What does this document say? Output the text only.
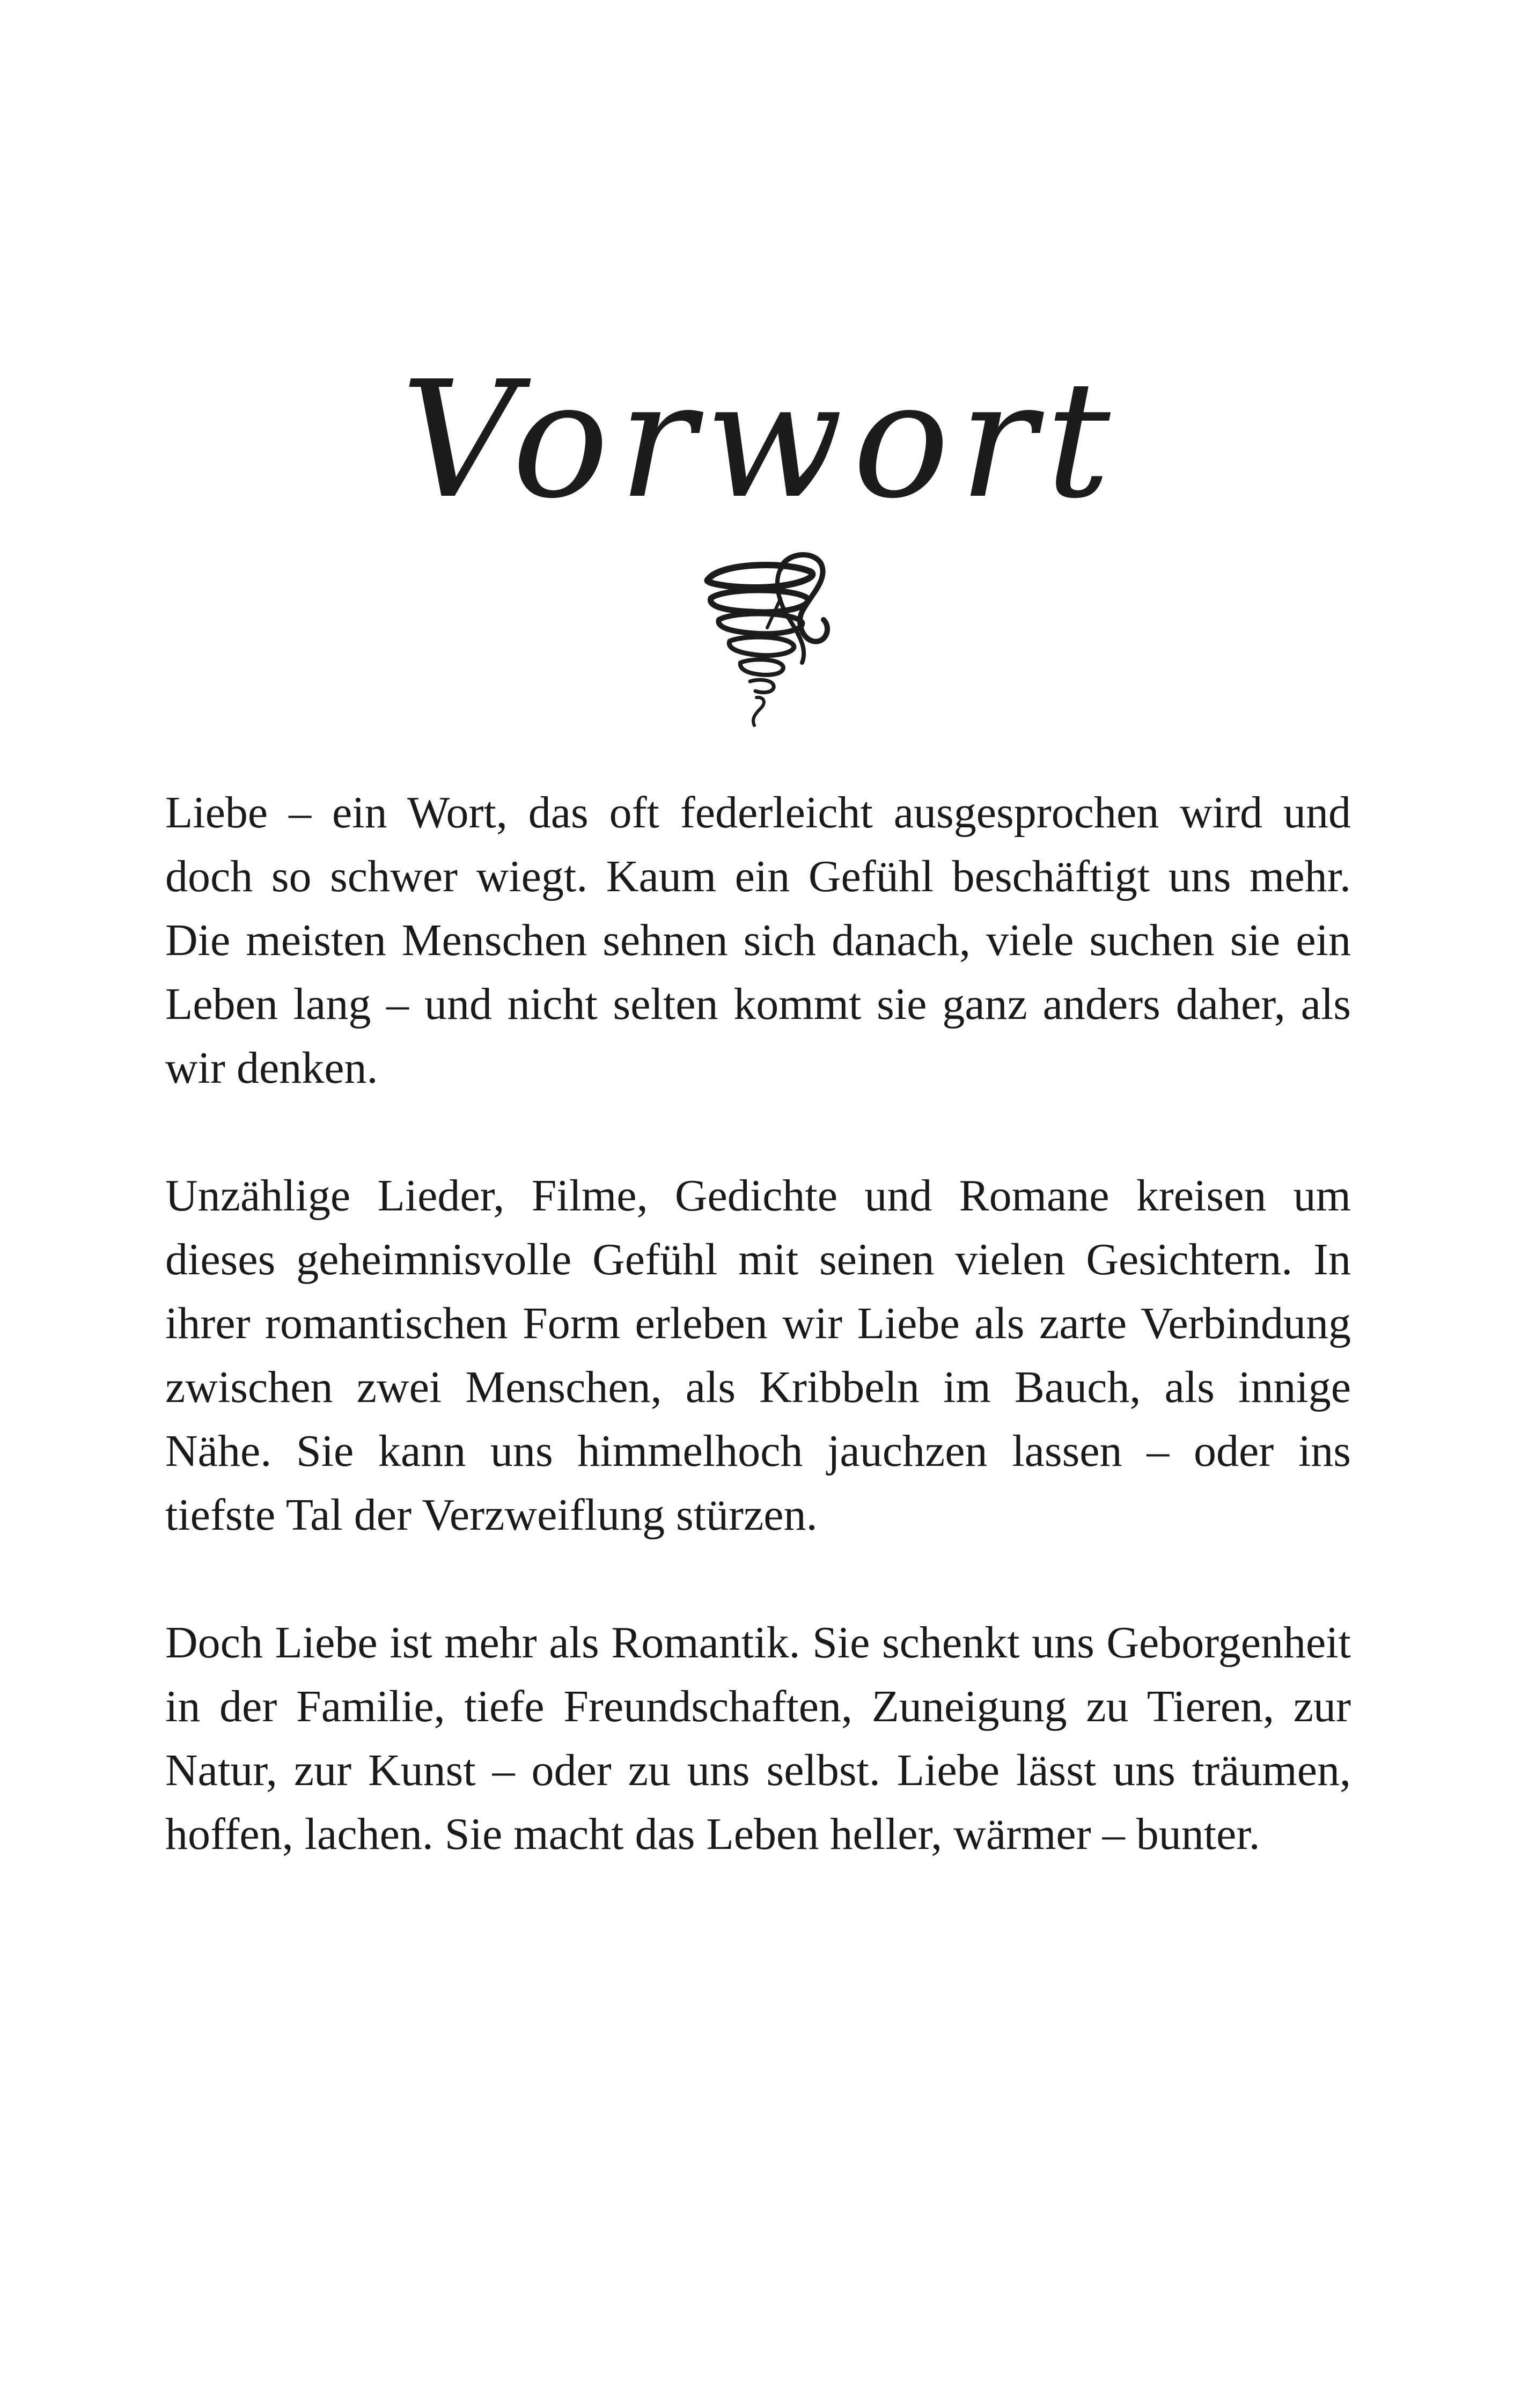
Vorwort

Liebe – ein Wort, das oft federleicht ausgesprochen wird und doch so schwer wiegt. Kaum ein Gefühl beschäftigt uns mehr. Die meisten Menschen sehnen sich danach, viele suchen sie ein Leben lang – und nicht selten kommt sie ganz anders daher, als wir denken.

Unzählige Lieder, Filme, Gedichte und Romane kreisen um dieses geheimnisvolle Gefühl mit seinen vielen Gesichtern. In ihrer romantischen Form erleben wir Liebe als zarte Verbindung zwischen zwei Menschen, als Kribbeln im Bauch, als innige Nähe. Sie kann uns himmelhoch jauchzen lassen – oder ins tiefste Tal der Verzweiflung stürzen.

Doch Liebe ist mehr als Romantik. Sie schenkt uns Geborgenheit in der Familie, tiefe Freundschaften, Zuneigung zu Tieren, zur Natur, zur Kunst – oder zu uns selbst. Liebe lässt uns träumen, hoffen, lachen. Sie macht das Leben heller, wärmer – bunter.
